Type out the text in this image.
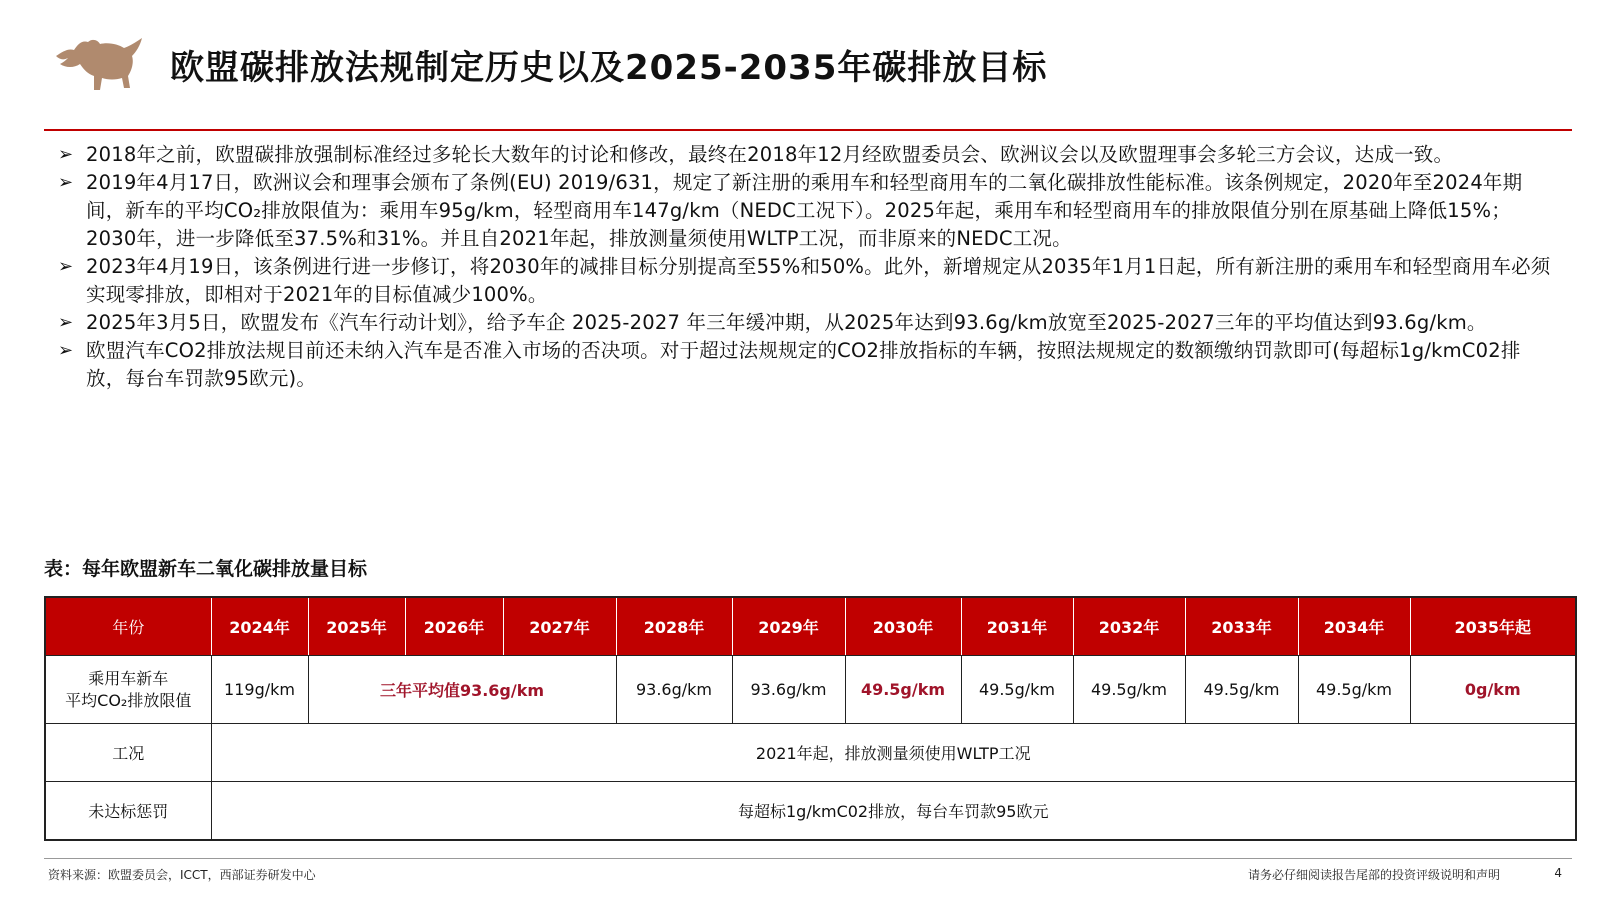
欧盟碳排放法规制定历史以及2025-2035年碳排放目标
➢ 2018年之前，欧盟碳排放强制标准经过多轮长大数年的讨论和修改，最终在2018年12月经欧盟委员会、欧洲议会以及欧盟理事会多轮三方会议，达成一致。
➢ 2019年4月17日，欧洲议会和理事会颁布了条例(EU) 2019/631，规定了新注册的乘用车和轻型商用车的二氧化碳排放性能标准。该条例规定，2020年至2024年期间，新车的平均CO₂排放限值为：乘用车95g/km，轻型商用车147g/km（NEDC工况下）。2025年起，乘用车和轻型商用车的排放限值分别在原基础上降低15%；2030年，进一步降低至37.5%和31%。并且自2021年起，排放测量须使用WLTP工况，而非原来的NEDC工况。
➢ 2023年4月19日，该条例进行进一步修订，将2030年的减排目标分别提高至55%和50%。此外，新增规定从2035年1月1日起，所有新注册的乘用车和轻型商用车必须实现零排放，即相对于2021年的目标值减少100%。
➢ 2025年3月5日，欧盟发布《汽车行动计划》，给予车企 2025-2027 年三年缓冲期，从2025年达到93.6g/km放宽至2025-2027三年的平均值达到93.6g/km。
➢ 欧盟汽车CO2排放法规目前还未纳入汽车是否准入市场的否决项。对于超过法规规定的CO2排放指标的车辆，按照法规规定的数额缴纳罚款即可(每超标1g/kmC02排放，每台车罚款95欧元)。
表：每年欧盟新车二氧化碳排放量目标
年份	2024年	2025年	2026年	2027年	2028年	2029年	2030年	2031年	2032年	2033年	2034年	2035年起

乘用车新车
平均CO₂排放限值	119g/km	三年平均值93.6g/km			93.6g/km	93.6g/km	49.5g/km	49.5g/km	49.5g/km	49.5g/km	49.5g/km	0g/km
工况	2021年起，排放测量须使用WLTP工况											
未达标惩罚	每超标1g/kmC02排放，每台车罚款95欧元											
资料来源：欧盟委员会，ICCT，西部证券研发中心	请务必仔细阅读报告尾部的投资评级说明和声明	4
